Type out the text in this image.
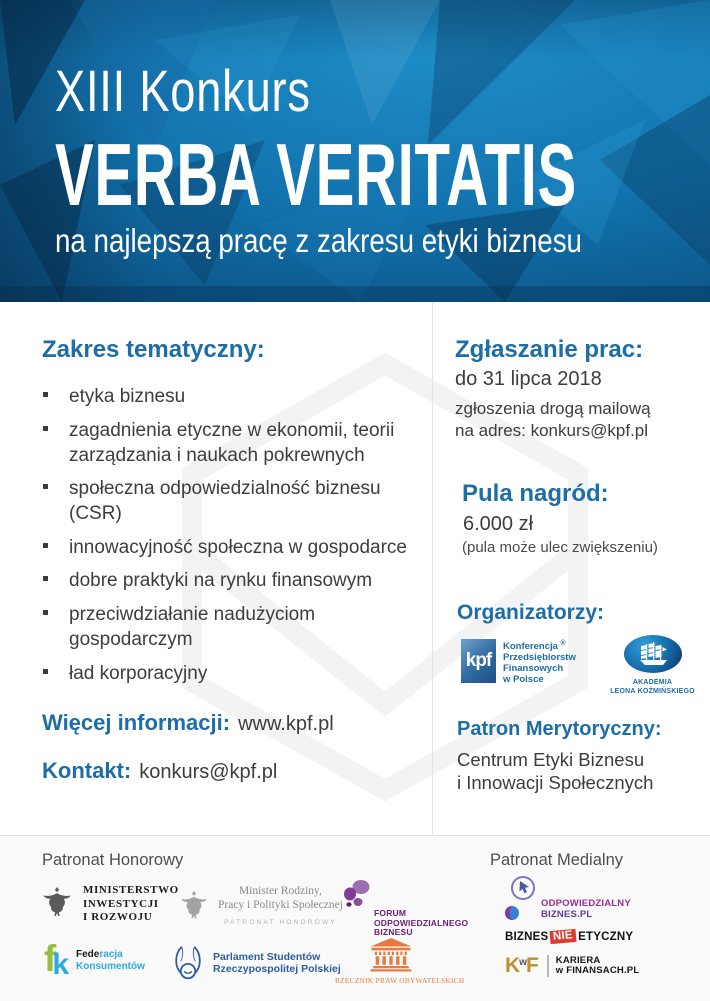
XIII Konkurs
VERBA VERITATIS
na najlepszą pracę z zakresu etyki biznesu
Zakres tematyczny:
etyka biznesu
zagadnienia etyczne w ekonomii, teorii zarządzania i naukach pokrewnych
społeczna odpowiedzialność biznesu (CSR)
innowacyjność społeczna w gospodarce
dobre praktyki na rynku finansowym
przeciwdziałanie nadużyciom gospodarczym
ład korporacyjny
Więcej informacji: www.kpf.pl
Kontakt: konkurs@kpf.pl
Zgłaszanie prac:
do 31 lipca 2018
zgłoszenia drogą mailową
na adres: konkurs@kpf.pl
Pula nagród:
6.000 zł
(pula może ulec zwiększeniu)
Organizatorzy:
kpf
Konferencja ®
Przedsiębiorstw
Finansowych
w Polsce	AKADEMIA
LEONA KOŹMIŃSKIEGO
Patron Merytoryczny:
Centrum Etyki Biznesu
i Innowacji Społecznych
Patronat Honorowy	Patronat Medialny
MINISTERSTWO
INWESTYCJI
I ROZWOJU
Minister Rodziny,
Pracy i Polityki Społecznej
PATRONAT HONOROWY
FORUM
ODPOWIEDZIALNEGO
BIZNESU
ODPOWIEDZIALNY
BIZNES.PL
f
k Federacja
Konsumentów
Parlament Studentów
Rzeczypospolitej Polskiej
RZECZNIK PRAW OBYWATELSKICH
BIZNES NIE ETYCZNY
K w F KARIERA
w FINANSACH.PL
